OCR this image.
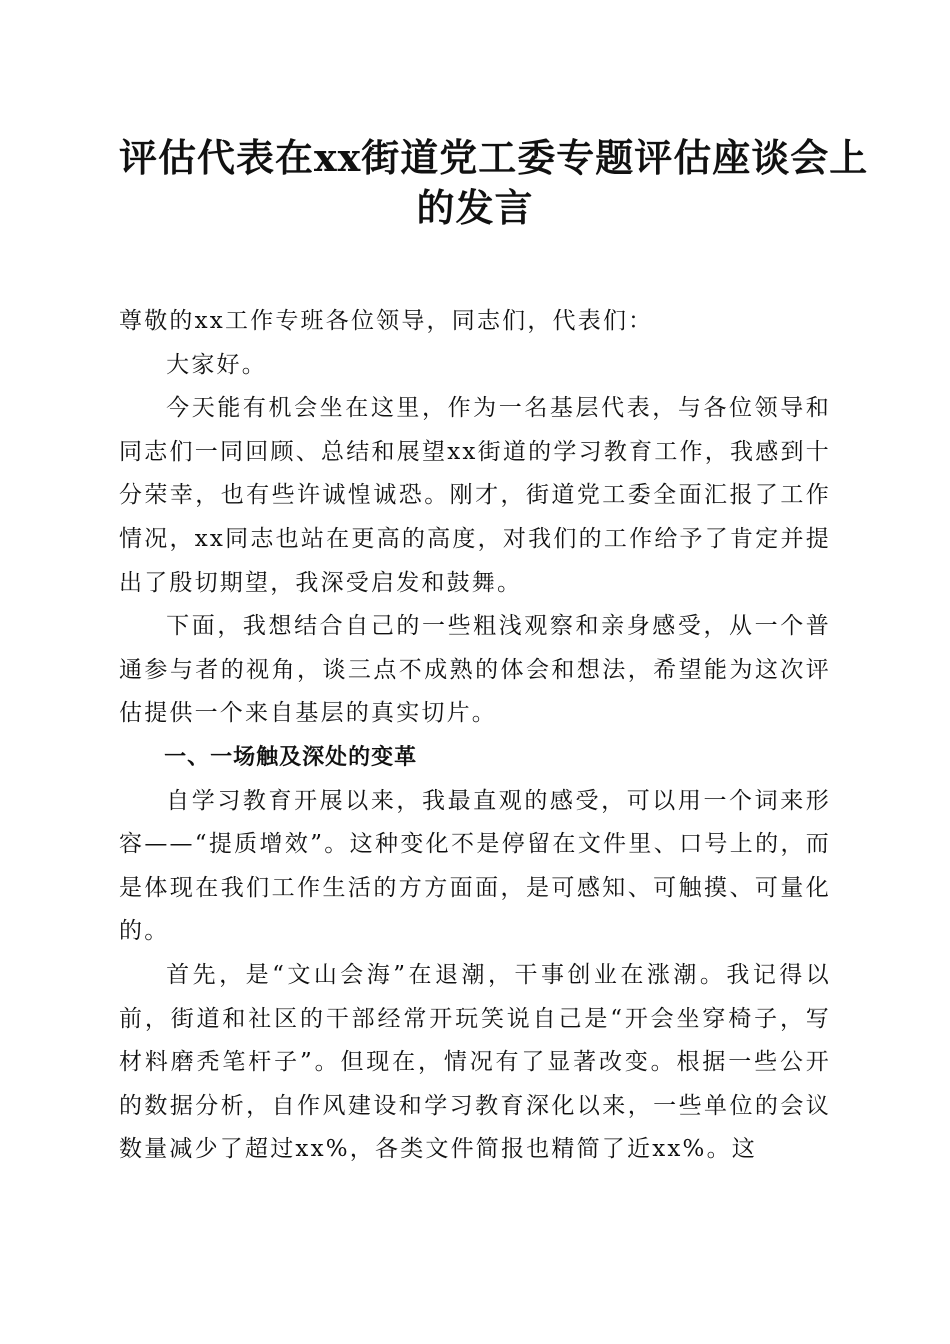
评估代表在xx街道党工委专题评估座谈会上
的发言

尊敬的xx工作专班各位领导，同志们，代表们：

大家好。

今天能有机会坐在这里，作为一名基层代表，与各位领导和同志们一同回顾、总结和展望xx街道的学习教育工作，我感到十分荣幸，也有些许诚惶诚恐。刚才，街道党工委全面汇报了工作情况，xx同志也站在更高的高度，对我们的工作给予了肯定并提出了殷切期望，我深受启发和鼓舞。

下面，我想结合自己的一些粗浅观察和亲身感受，从一个普通参与者的视角，谈三点不成熟的体会和想法，希望能为这次评估提供一个来自基层的真实切片。

一、一场触及深处的变革

自学习教育开展以来，我最直观的感受，可以用一个词来形容——“提质增效”。这种变化不是停留在文件里、口号上的，而是体现在我们工作生活的方方面面，是可感知、可触摸、可量化的。

首先，是“文山会海”在退潮，干事创业在涨潮。我记得以前，街道和社区的干部经常开玩笑说自己是“开会坐穿椅子，写材料磨秃笔杆子”。但现在，情况有了显著改变。根据一些公开的数据分析，自作风建设和学习教育深化以来，一些单位的会议数量减少了超过xx%，各类文件简报也精简了近xx%。这
